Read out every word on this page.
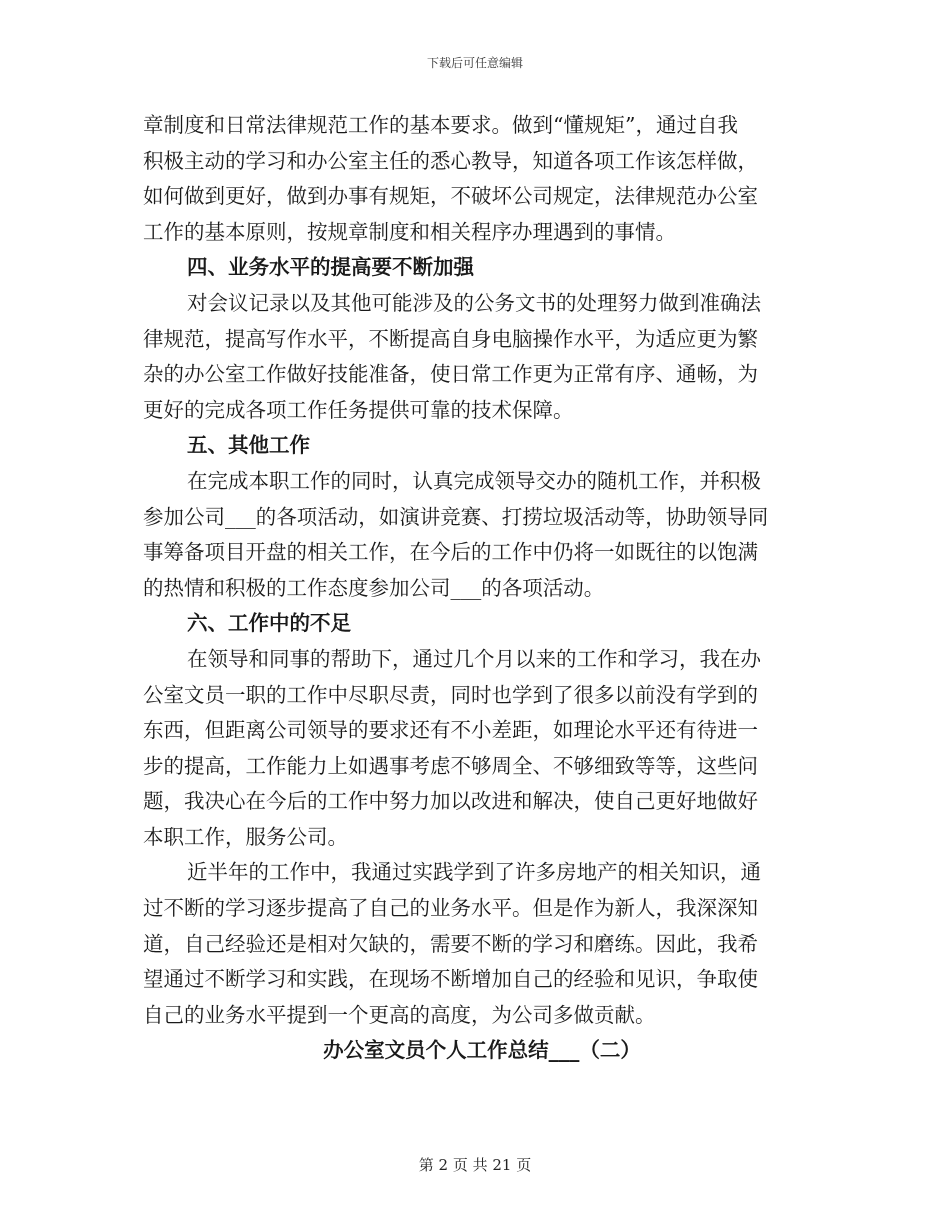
下载后可任意编辑
章制度和日常法律规范工作的基本要求。做到“懂规矩”，通过自我
积极主动的学习和办公室主任的悉心教导，知道各项工作该怎样做，
如何做到更好，做到办事有规矩，不破坏公司规定，法律规范办公室
工作的基本原则，按规章制度和相关程序办理遇到的事情。
四、业务水平的提高要不断加强
对会议记录以及其他可能涉及的公务文书的处理努力做到准确法
律规范，提高写作水平，不断提高自身电脑操作水平，为适应更为繁
杂的办公室工作做好技能准备，使日常工作更为正常有序、通畅，为
更好的完成各项工作任务提供可靠的技术保障。
五、其他工作
在完成本职工作的同时，认真完成领导交办的随机工作，并积极
参加公司___的各项活动，如演讲竞赛、打捞垃圾活动等，协助领导同
事筹备项目开盘的相关工作，在今后的工作中仍将一如既往的以饱满
的热情和积极的工作态度参加公司___的各项活动。
六、工作中的不足
在领导和同事的帮助下，通过几个月以来的工作和学习，我在办
公室文员一职的工作中尽职尽责，同时也学到了很多以前没有学到的
东西，但距离公司领导的要求还有不小差距，如理论水平还有待进一
步的提高，工作能力上如遇事考虑不够周全、不够细致等等，这些问
题，我决心在今后的工作中努力加以改进和解决，使自己更好地做好
本职工作，服务公司。
近半年的工作中，我通过实践学到了许多房地产的相关知识，通
过不断的学习逐步提高了自己的业务水平。但是作为新人，我深深知
道，自己经验还是相对欠缺的，需要不断的学习和磨练。因此，我希
望通过不断学习和实践，在现场不断增加自己的经验和见识，争取使
自己的业务水平提到一个更高的高度，为公司多做贡献。
办公室文员个人工作总结___（二）
第 2 页 共 21 页
